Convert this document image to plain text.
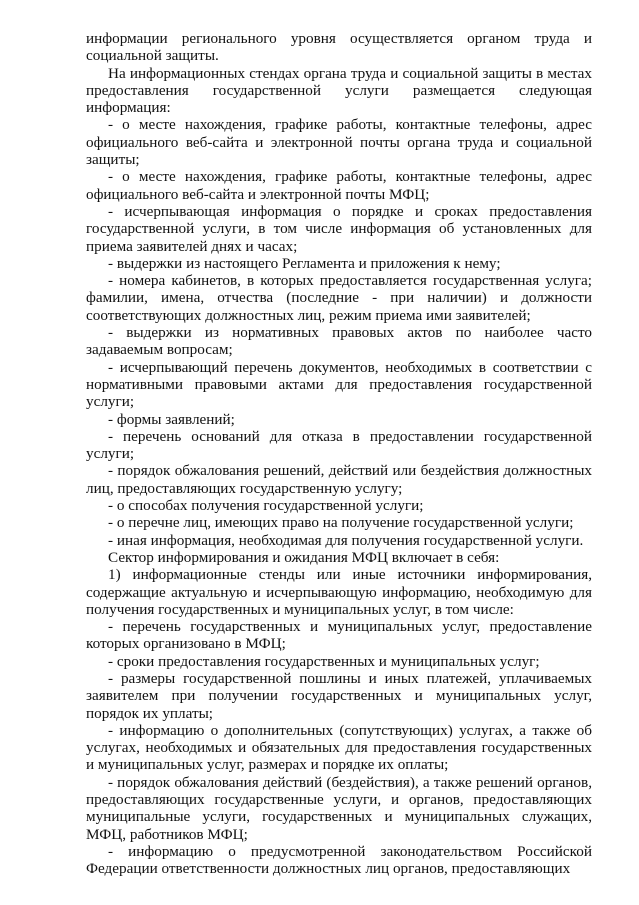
информации регионального уровня осуществляется органом труда и социальной защиты.

На информационных стендах органа труда и социальной защиты в местах предоставления государственной услуги размещается следующая информация:

- о месте нахождения, графике работы, контактные телефоны, адрес официального веб-сайта и электронной почты органа труда и социальной защиты;

- о месте нахождения, графике работы, контактные телефоны, адрес официального веб-сайта и электронной почты МФЦ;

- исчерпывающая информация о порядке и сроках предоставления государственной услуги, в том числе информация об установленных для приема заявителей днях и часах;

- выдержки из настоящего Регламента и приложения к нему;

- номера кабинетов, в которых предоставляется государственная услуга; фамилии, имена, отчества (последние - при наличии) и должности соответствующих должностных лиц, режим приема ими заявителей;

- выдержки из нормативных правовых актов по наиболее часто задаваемым вопросам;

- исчерпывающий перечень документов, необходимых в соответствии с нормативными правовыми актами для предоставления государственной услуги;

- формы заявлений;

- перечень оснований для отказа в предоставлении государственной услуги;

- порядок обжалования решений, действий или бездействия должностных лиц, предоставляющих государственную услугу;

- о способах получения государственной услуги;

- о перечне лиц, имеющих право на получение государственной услуги;

- иная информация, необходимая для получения государственной услуги.

Сектор информирования и ожидания МФЦ включает в себя:

1) информационные стенды или иные источники информирования, содержащие актуальную и исчерпывающую информацию, необходимую для получения государственных и муниципальных услуг, в том числе:

- перечень государственных и муниципальных услуг, предоставление которых организовано в МФЦ;

- сроки предоставления государственных и муниципальных услуг;

- размеры государственной пошлины и иных платежей, уплачиваемых заявителем при получении государственных и муниципальных услуг, порядок их уплаты;

- информацию о дополнительных (сопутствующих) услугах, а также об услугах, необходимых и обязательных для предоставления государственных и муниципальных услуг, размерах и порядке их оплаты;

- порядок обжалования действий (бездействия), а также решений органов, предоставляющих государственные услуги, и органов, предоставляющих муниципальные услуги, государственных и муниципальных служащих, МФЦ, работников МФЦ;

- информацию о предусмотренной законодательством Российской Федерации ответственности должностных лиц органов, предоставляющих
